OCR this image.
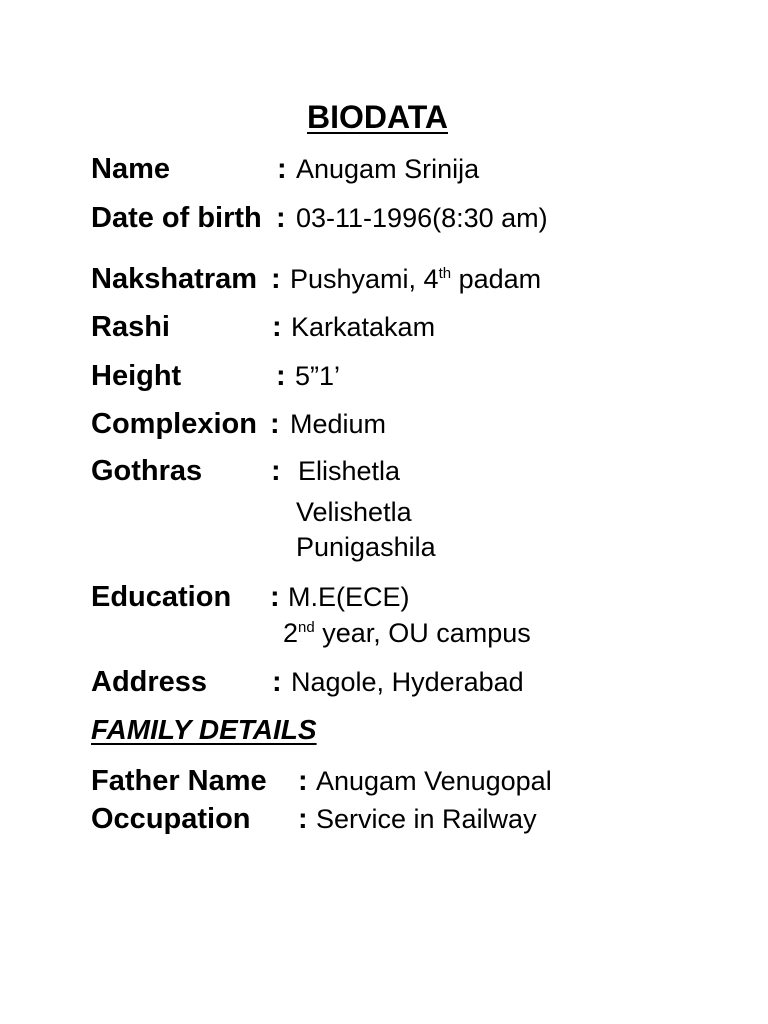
BIODATA
Name	: Anugam Srinija
Date of birth : 03-11-1996(8:30 am)
Nakshatram : Pushyami, 4th padam
Rashi	: Karkatakam
Height	: 5”1’
Complexion : Medium
Gothras : Elishetla
Velishetla
Punigashila
Education : M.E(ECE)
2nd year, OU campus
Address : Nagole, Hyderabad
FAMILY DETAILS
Father Name : Anugam Venugopal
Occupation : Service in Railway
